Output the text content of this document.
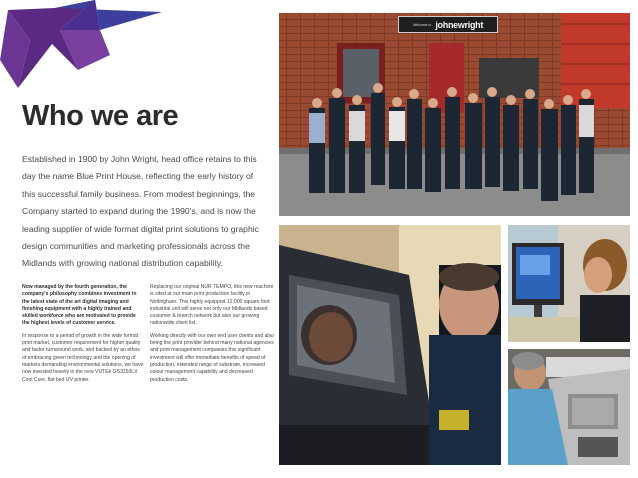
Who we are
Established in 1900 by John Wright, head office retains to this day the name Blue Print House, reflecting the early history of this successful family business. From modest beginnings, the Company started to expand during the 1990's, and is now the leading supplier of wide format digital print solutions to graphic design communities and marketing professionals across the Midlands with growing national distribution capability.

Now managed by the fourth generation, the company's philosophy combines investment in the latest state of the art digital imaging and finishing equipment with a highly trained and skilled workforce who are motivated to provide the highest levels of customer service.

In response to a period of growth in the wide format print market, customer requirement for higher quality and faster turnaround work, and backed by an ethos of embracing green technology and the opening of markets demanding environmental solutions, we have now invested heavily in the new VUTEk GS3250LX Cool Cure, flat bed UV printer.

Replacing our original NUR TEMPO, this new machine is sited at our main print production facility in Nottingham. This highly equipped 12,000 square foot industrial unit will serve not only our Midlands based customer & branch network but also our growing nationwide client list.

Working directly with our own end user clients and also being the print provider behind many national agencies and print management companies this significant investment will offer immediate benefits of speed of production, extended range of substrate, increased colour management capability and decreased production costs.

Welcome to johnewright
